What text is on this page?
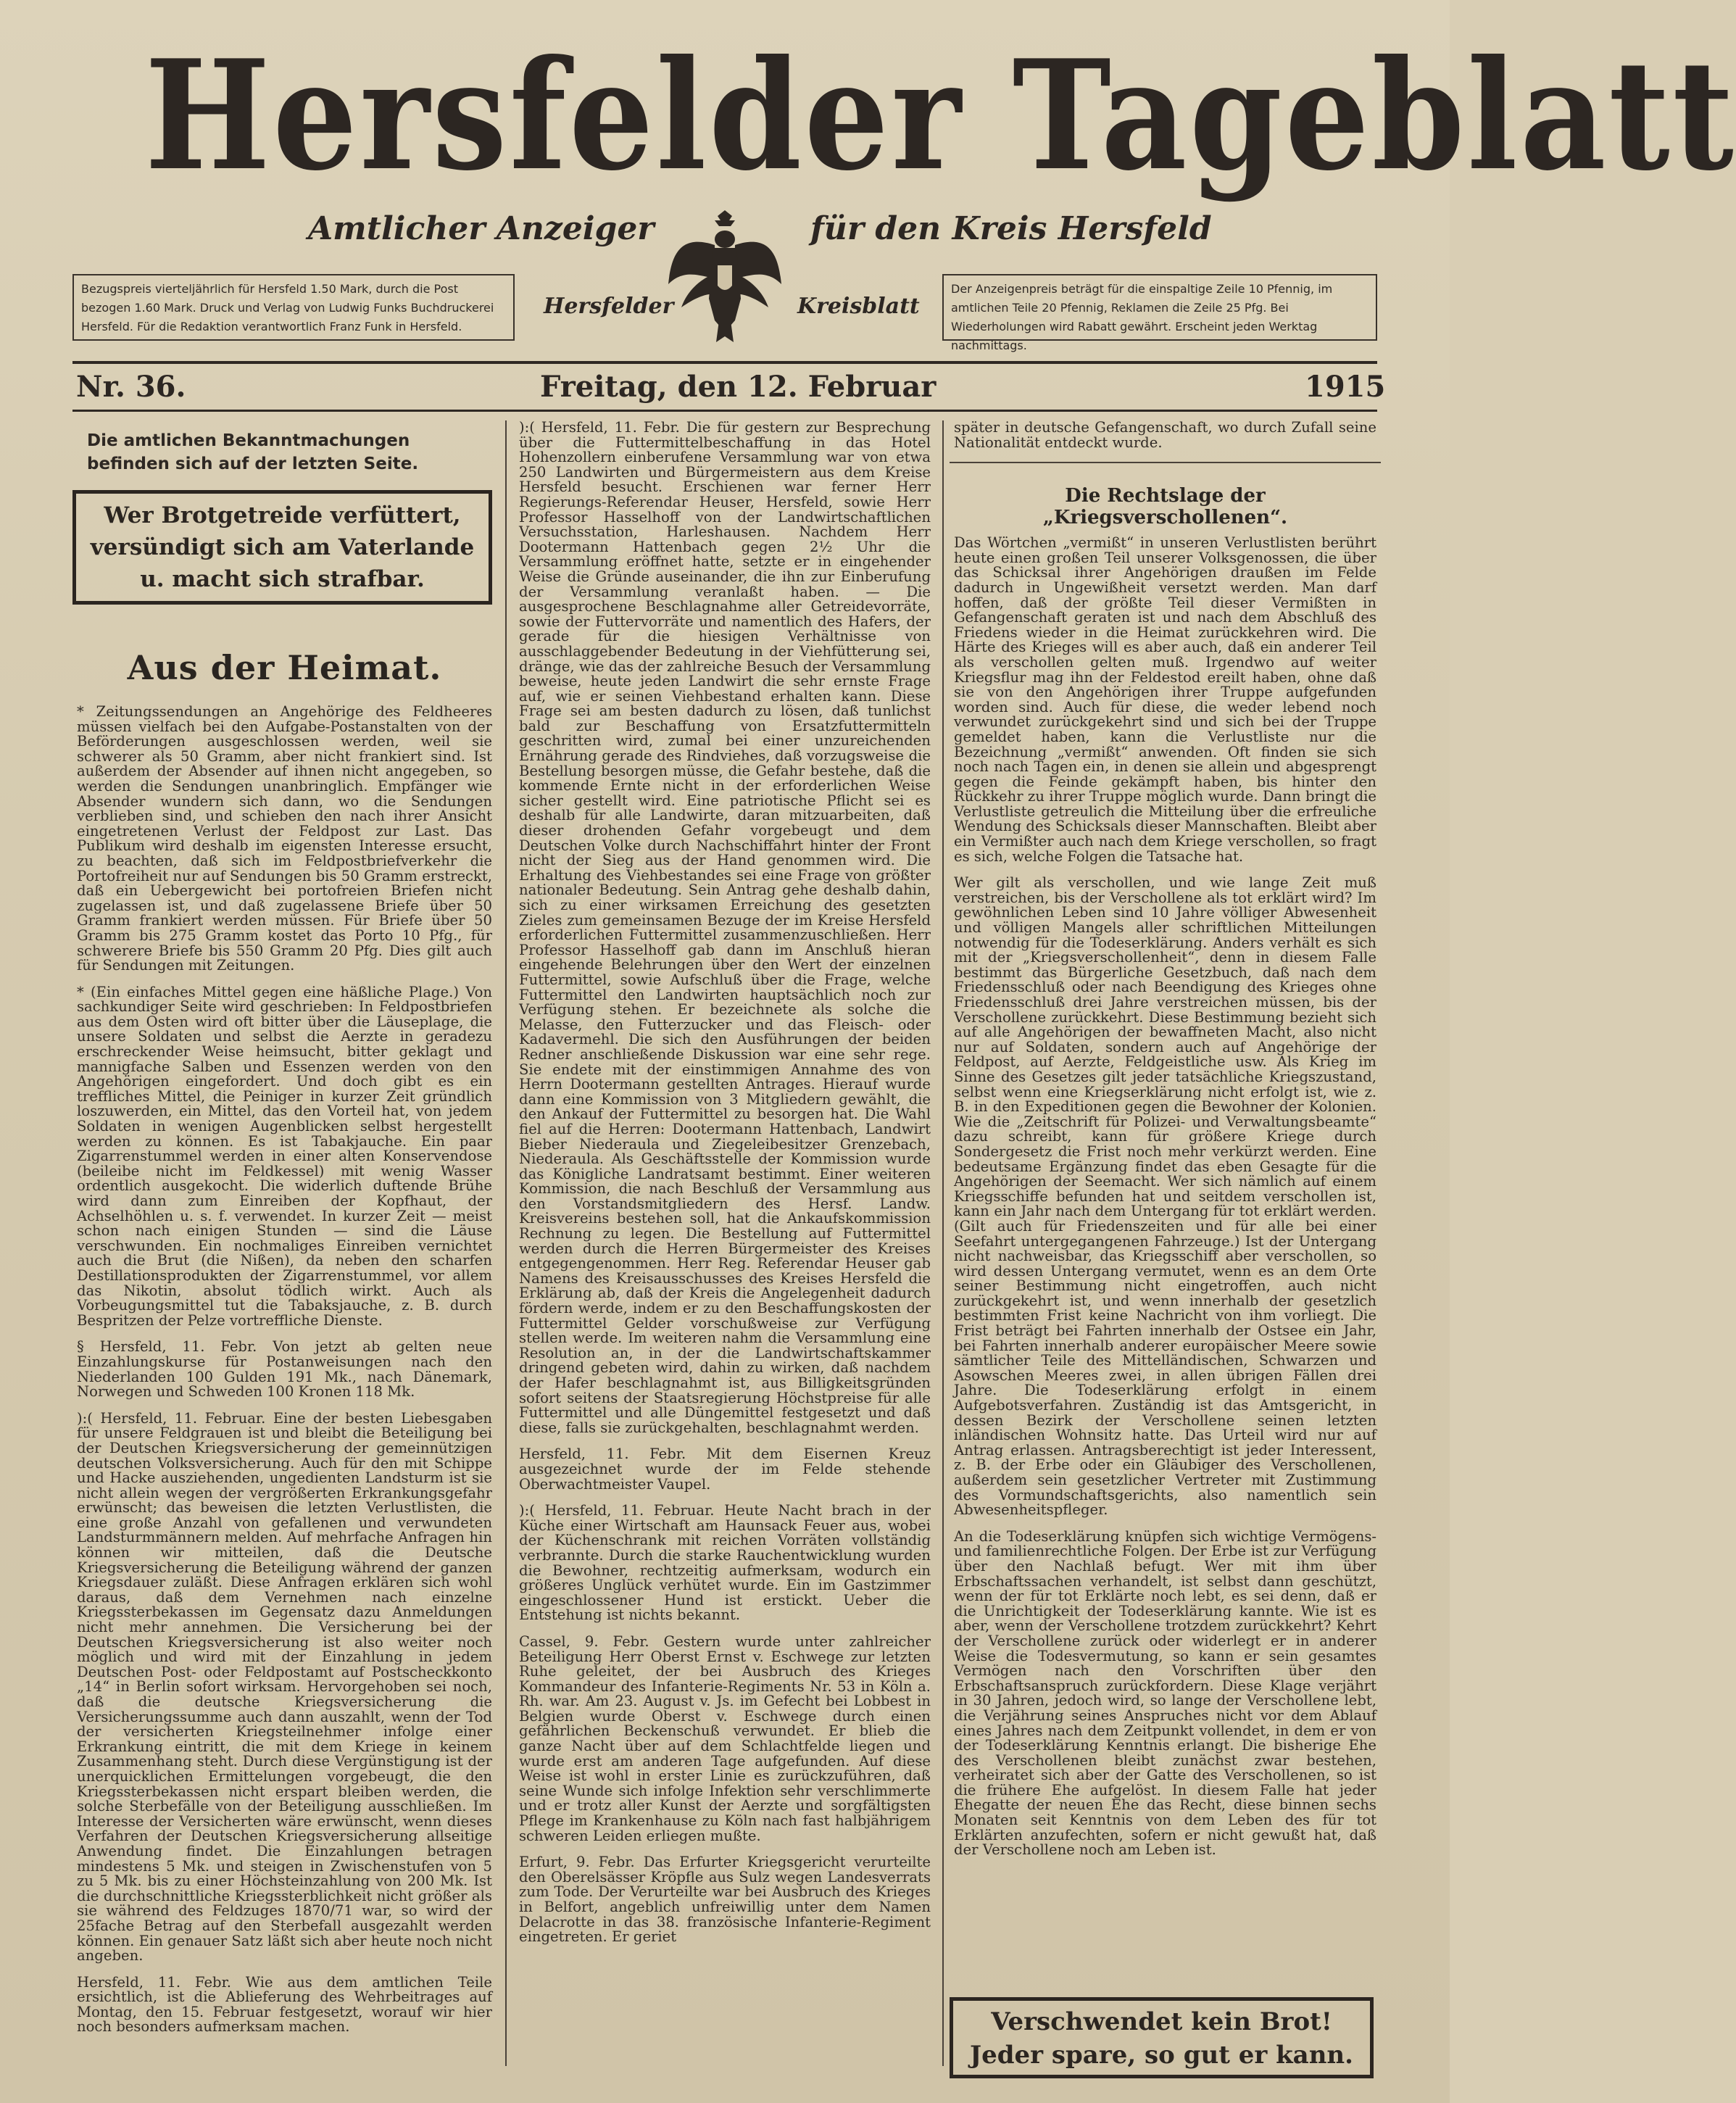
Hersfelder Tageblatt
Amtlicher Anzeiger	für den Kreis Hersfeld
Hersfelder	Kreisblatt
Bezugspreis vierteljährlich für Hersfeld 1.50 Mark, durch die Post bezogen 1.60 Mark. Druck und Verlag von Ludwig Funks Buchdruckerei Hersfeld. Für die Redaktion verantwortlich Franz Funk in Hersfeld.
Der Anzeigenpreis beträgt für die einspaltige Zeile 10 Pfennig, im amtlichen Teile 20 Pfennig, Reklamen die Zeile 25 Pfg. Bei Wiederholungen wird Rabatt gewährt. Erscheint jeden Werktag nachmittags.
Nr. 36.	Freitag, den 12. Februar	1915
Die amtlichen Bekanntmachungen befinden sich auf der letzten Seite.
Wer Brotgetreide verfüttert, versündigt sich am Vaterlande u. macht sich strafbar.
Aus der Heimat.

* Zeitungssendungen an Angehörige des Feldheeres müssen vielfach bei den Aufgabe-Postanstalten von der Beförderungen ausgeschlossen werden, weil sie schwerer als 50 Gramm, aber nicht frankiert sind. Ist außerdem der Absender auf ihnen nicht angegeben, so werden die Sendungen unanbringlich. Empfänger wie Absender wundern sich dann, wo die Sendungen verblieben sind, und schieben den nach ihrer Ansicht eingetretenen Verlust der Feldpost zur Last. Das Publikum wird deshalb im eigensten Interesse ersucht, zu beachten, daß sich im Feldpostbriefverkehr die Portofreiheit nur auf Sendungen bis 50 Gramm erstreckt, daß ein Uebergewicht bei portofreien Briefen nicht zugelassen ist, und daß zugelassene Briefe über 50 Gramm frankiert werden müssen. Für Briefe über 50 Gramm bis 275 Gramm kostet das Porto 10 Pfg., für schwerere Briefe bis 550 Gramm 20 Pfg. Dies gilt auch für Sendungen mit Zeitungen.

* (Ein einfaches Mittel gegen eine häßliche Plage.) Von sachkundiger Seite wird geschrieben: In Feldpostbriefen aus dem Osten wird oft bitter über die Läuseplage, die unsere Soldaten und selbst die Aerzte in geradezu erschreckender Weise heimsucht, bitter geklagt und mannigfache Salben und Essenzen werden von den Angehörigen eingefordert. Und doch gibt es ein treffliches Mittel, die Peiniger in kurzer Zeit gründlich loszuwerden, ein Mittel, das den Vorteil hat, von jedem Soldaten in wenigen Augenblicken selbst hergestellt werden zu können. Es ist Tabakjauche. Ein paar Zigarrenstummel werden in einer alten Konservendose (beileibe nicht im Feldkessel) mit wenig Wasser ordentlich ausgekocht. Die widerlich duftende Brühe wird dann zum Einreiben der Kopfhaut, der Achselhöhlen u. s. f. verwendet. In kurzer Zeit — meist schon nach einigen Stunden — sind die Läuse verschwunden. Ein nochmaliges Einreiben vernichtet auch die Brut (die Nißen), da neben den scharfen Destillationsprodukten der Zigarrenstummel, vor allem das Nikotin, absolut tödlich wirkt. Auch als Vorbeugungsmittel tut die Tabaksjauche, z. B. durch Bespritzen der Pelze vortreffliche Dienste.

§ Hersfeld, 11. Febr. Von jetzt ab gelten neue Einzahlungskurse für Postanweisungen nach den Niederlanden 100 Gulden 191 Mk., nach Dänemark, Norwegen und Schweden 100 Kronen 118 Mk.

):( Hersfeld, 11. Februar. Eine der besten Liebesgaben für unsere Feldgrauen ist und bleibt die Beteiligung bei der Deutschen Kriegsversicherung der gemeinnützigen deutschen Volksversicherung. Auch für den mit Schippe und Hacke ausziehenden, ungedienten Landsturm ist sie nicht allein wegen der vergrößerten Erkrankungsgefahr erwünscht; das beweisen die letzten Verlustlisten, die eine große Anzahl von gefallenen und verwundeten Landsturmmännern melden. Auf mehrfache Anfragen hin können wir mitteilen, daß die Deutsche Kriegsversicherung die Beteiligung während der ganzen Kriegsdauer zuläßt. Diese Anfragen erklären sich wohl daraus, daß dem Vernehmen nach einzelne Kriegssterbekassen im Gegensatz dazu Anmeldungen nicht mehr annehmen. Die Versicherung bei der Deutschen Kriegsversicherung ist also weiter noch möglich und wird mit der Einzahlung in jedem Deutschen Post- oder Feldpostamt auf Postscheckkonto „14“ in Berlin sofort wirksam. Hervorgehoben sei noch, daß die deutsche Kriegsversicherung die Versicherungssumme auch dann auszahlt, wenn der Tod der versicherten Kriegsteilnehmer infolge einer Erkrankung eintritt, die mit dem Kriege in keinem Zusammenhang steht. Durch diese Vergünstigung ist der unerquicklichen Ermittelungen vorgebeugt, die den Kriegssterbekassen nicht erspart bleiben werden, die solche Sterbefälle von der Beteiligung ausschließen. Im Interesse der Versicherten wäre erwünscht, wenn dieses Verfahren der Deutschen Kriegsversicherung allseitige Anwendung findet. Die Einzahlungen betragen mindestens 5 Mk. und steigen in Zwischenstufen von 5 zu 5 Mk. bis zu einer Höchsteinzahlung von 200 Mk. Ist die durchschnittliche Kriegssterblichkeit nicht größer als sie während des Feldzuges 1870/71 war, so wird der 25fache Betrag auf den Sterbefall ausgezahlt werden können. Ein genauer Satz läßt sich aber heute noch nicht angeben.

Hersfeld, 11. Febr. Wie aus dem amtlichen Teile ersichtlich, ist die Ablieferung des Wehrbeitrages auf Montag, den 15. Februar festgesetzt, worauf wir hier noch besonders aufmerksam machen.

):( Hersfeld, 11. Febr. Die für gestern zur Besprechung über die Futtermittelbeschaffung in das Hotel Hohenzollern einberufene Versammlung war von etwa 250 Landwirten und Bürgermeistern aus dem Kreise Hersfeld besucht. Erschienen war ferner Herr Regierungs-Referendar Heuser, Hersfeld, sowie Herr Professor Hasselhoff von der Landwirtschaftlichen Versuchsstation, Harleshausen. Nachdem Herr Dootermann Hattenbach gegen 2½ Uhr die Versammlung eröffnet hatte, setzte er in eingehender Weise die Gründe auseinander, die ihn zur Einberufung der Versammlung veranlaßt haben. — Die ausgesprochene Beschlagnahme aller Getreidevorräte, sowie der Futtervorräte und namentlich des Hafers, der gerade für die hiesigen Verhältnisse von ausschlaggebender Bedeutung in der Viehfütterung sei, dränge, wie das der zahlreiche Besuch der Versammlung beweise, heute jeden Landwirt die sehr ernste Frage auf, wie er seinen Viehbestand erhalten kann. Diese Frage sei am besten dadurch zu lösen, daß tunlichst bald zur Beschaffung von Ersatzfuttermitteln geschritten wird, zumal bei einer unzureichenden Ernährung gerade des Rindviehes, daß vorzugsweise die Bestellung besorgen müsse, die Gefahr bestehe, daß die kommende Ernte nicht in der erforderlichen Weise sicher gestellt wird. Eine patriotische Pflicht sei es deshalb für alle Landwirte, daran mitzuarbeiten, daß dieser drohenden Gefahr vorgebeugt und dem Deutschen Volke durch Nachschiffahrt hinter der Front nicht der Sieg aus der Hand genommen wird. Die Erhaltung des Viehbestandes sei eine Frage von größter nationaler Bedeutung. Sein Antrag gehe deshalb dahin, sich zu einer wirksamen Erreichung des gesetzten Zieles zum gemeinsamen Bezuge der im Kreise Hersfeld erforderlichen Futtermittel zusammenzuschließen. Herr Professor Hasselhoff gab dann im Anschluß hieran eingehende Belehrungen über den Wert der einzelnen Futtermittel, sowie Aufschluß über die Frage, welche Futtermittel den Landwirten hauptsächlich noch zur Verfügung stehen. Er bezeichnete als solche die Melasse, den Futterzucker und das Fleisch- oder Kadavermehl. Die sich den Ausführungen der beiden Redner anschließende Diskussion war eine sehr rege. Sie endete mit der einstimmigen Annahme des von Herrn Dootermann gestellten Antrages. Hierauf wurde dann eine Kommission von 3 Mitgliedern gewählt, die den Ankauf der Futtermittel zu besorgen hat. Die Wahl fiel auf die Herren: Dootermann Hattenbach, Landwirt Bieber Niederaula und Ziegeleibesitzer Grenzebach, Niederaula. Als Geschäftsstelle der Kommission wurde das Königliche Landratsamt bestimmt. Einer weiteren Kommission, die nach Beschluß der Versammlung aus den Vorstandsmitgliedern des Hersf. Landw. Kreisvereins bestehen soll, hat die Ankaufskommission Rechnung zu legen. Die Bestellung auf Futtermittel werden durch die Herren Bürgermeister des Kreises entgegengenommen. Herr Reg. Referendar Heuser gab Namens des Kreisausschusses des Kreises Hersfeld die Erklärung ab, daß der Kreis die Angelegenheit dadurch fördern werde, indem er zu den Beschaffungskosten der Futtermittel Gelder vorschußweise zur Verfügung stellen werde. Im weiteren nahm die Versammlung eine Resolution an, in der die Landwirtschaftskammer dringend gebeten wird, dahin zu wirken, daß nachdem der Hafer beschlagnahmt ist, aus Billigkeitsgründen sofort seitens der Staatsregierung Höchstpreise für alle Futtermittel und alle Düngemittel festgesetzt und daß diese, falls sie zurückgehalten, beschlagnahmt werden.

Hersfeld, 11. Febr. Mit dem Eisernen Kreuz ausgezeichnet wurde der im Felde stehende Oberwachtmeister Vaupel.

):( Hersfeld, 11. Februar. Heute Nacht brach in der Küche einer Wirtschaft am Haunsack Feuer aus, wobei der Küchenschrank mit reichen Vorräten vollständig verbrannte. Durch die starke Rauchentwicklung wurden die Bewohner, rechtzeitig aufmerksam, wodurch ein größeres Unglück verhütet wurde. Ein im Gastzimmer eingeschlossener Hund ist erstickt. Ueber die Entstehung ist nichts bekannt.

Cassel, 9. Febr. Gestern wurde unter zahlreicher Beteiligung Herr Oberst Ernst v. Eschwege zur letzten Ruhe geleitet, der bei Ausbruch des Krieges Kommandeur des Infanterie-Regiments Nr. 53 in Köln a. Rh. war. Am 23. August v. Js. im Gefecht bei Lobbest in Belgien wurde Oberst v. Eschwege durch einen gefährlichen Beckenschuß verwundet. Er blieb die ganze Nacht über auf dem Schlachtfelde liegen und wurde erst am anderen Tage aufgefunden. Auf diese Weise ist wohl in erster Linie es zurückzuführen, daß seine Wunde sich infolge Infektion sehr verschlimmerte und er trotz aller Kunst der Aerzte und sorgfältigsten Pflege im Krankenhause zu Köln nach fast halbjährigem schweren Leiden erliegen mußte.

Erfurt, 9. Febr. Das Erfurter Kriegsgericht verurteilte den Oberelsässer Kröpfle aus Sulz wegen Landesverrats zum Tode. Der Verurteilte war bei Ausbruch des Krieges in Belfort, angeblich unfreiwillig unter dem Namen Delacrotte in das 38. französische Infanterie-Regiment eingetreten. Er geriet

später in deutsche Gefangenschaft, wo durch Zufall seine Nationalität entdeckt wurde.

Die Rechtslage der „Kriegsverschollenen“.

Das Wörtchen „vermißt“ in unseren Verlustlisten berührt heute einen großen Teil unserer Volksgenossen, die über das Schicksal ihrer Angehörigen draußen im Felde dadurch in Ungewißheit versetzt werden. Man darf hoffen, daß der größte Teil dieser Vermißten in Gefangenschaft geraten ist und nach dem Abschluß des Friedens wieder in die Heimat zurückkehren wird. Die Härte des Krieges will es aber auch, daß ein anderer Teil als verschollen gelten muß. Irgendwo auf weiter Kriegsflur mag ihn der Feldestod ereilt haben, ohne daß sie von den Angehörigen ihrer Truppe aufgefunden worden sind. Auch für diese, die weder lebend noch verwundet zurückgekehrt sind und sich bei der Truppe gemeldet haben, kann die Verlustliste nur die Bezeichnung „vermißt“ anwenden. Oft finden sie sich noch nach Tagen ein, in denen sie allein und abgesprengt gegen die Feinde gekämpft haben, bis hinter den Rückkehr zu ihrer Truppe möglich wurde. Dann bringt die Verlustliste getreulich die Mitteilung über die erfreuliche Wendung des Schicksals dieser Mannschaften. Bleibt aber ein Vermißter auch nach dem Kriege verschollen, so fragt es sich, welche Folgen die Tatsache hat.

Wer gilt als verschollen, und wie lange Zeit muß verstreichen, bis der Verschollene als tot erklärt wird? Im gewöhnlichen Leben sind 10 Jahre völliger Abwesenheit und völligen Mangels aller schriftlichen Mitteilungen notwendig für die Todeserklärung. Anders verhält es sich mit der „Kriegsverschollenheit“, denn in diesem Falle bestimmt das Bürgerliche Gesetzbuch, daß nach dem Friedensschluß oder nach Beendigung des Krieges ohne Friedensschluß drei Jahre verstreichen müssen, bis der Verschollene zurückkehrt. Diese Bestimmung bezieht sich auf alle Angehörigen der bewaffneten Macht, also nicht nur auf Soldaten, sondern auch auf Angehörige der Feldpost, auf Aerzte, Feldgeistliche usw. Als Krieg im Sinne des Gesetzes gilt jeder tatsächliche Kriegszustand, selbst wenn eine Kriegserklärung nicht erfolgt ist, wie z. B. in den Expeditionen gegen die Bewohner der Kolonien. Wie die „Zeitschrift für Polizei- und Verwaltungsbeamte“ dazu schreibt, kann für größere Kriege durch Sondergesetz die Frist noch mehr verkürzt werden. Eine bedeutsame Ergänzung findet das eben Gesagte für die Angehörigen der Seemacht. Wer sich nämlich auf einem Kriegsschiffe befunden hat und seitdem verschollen ist, kann ein Jahr nach dem Untergang für tot erklärt werden. (Gilt auch für Friedenszeiten und für alle bei einer Seefahrt untergegangenen Fahrzeuge.) Ist der Untergang nicht nachweisbar, das Kriegsschiff aber verschollen, so wird dessen Untergang vermutet, wenn es an dem Orte seiner Bestimmung nicht eingetroffen, auch nicht zurückgekehrt ist, und wenn innerhalb der gesetzlich bestimmten Frist keine Nachricht von ihm vorliegt. Die Frist beträgt bei Fahrten innerhalb der Ostsee ein Jahr, bei Fahrten innerhalb anderer europäischer Meere sowie sämtlicher Teile des Mittelländischen, Schwarzen und Asowschen Meeres zwei, in allen übrigen Fällen drei Jahre. Die Todeserklärung erfolgt in einem Aufgebotsverfahren. Zuständig ist das Amtsgericht, in dessen Bezirk der Verschollene seinen letzten inländischen Wohnsitz hatte. Das Urteil wird nur auf Antrag erlassen. Antragsberechtigt ist jeder Interessent, z. B. der Erbe oder ein Gläubiger des Verschollenen, außerdem sein gesetzlicher Vertreter mit Zustimmung des Vormundschaftsgerichts, also namentlich sein Abwesenheitspfleger.

An die Todeserklärung knüpfen sich wichtige Vermögens- und familienrechtliche Folgen. Der Erbe ist zur Verfügung über den Nachlaß befugt. Wer mit ihm über Erbschaftssachen verhandelt, ist selbst dann geschützt, wenn der für tot Erklärte noch lebt, es sei denn, daß er die Unrichtigkeit der Todeserklärung kannte. Wie ist es aber, wenn der Verschollene trotzdem zurückkehrt? Kehrt der Verschollene zurück oder widerlegt er in anderer Weise die Todesvermutung, so kann er sein gesamtes Vermögen nach den Vorschriften über den Erbschaftsanspruch zurückfordern. Diese Klage verjährt in 30 Jahren, jedoch wird, so lange der Verschollene lebt, die Verjährung seines Anspruches nicht vor dem Ablauf eines Jahres nach dem Zeitpunkt vollendet, in dem er von der Todeserklärung Kenntnis erlangt. Die bisherige Ehe des Verschollenen bleibt zunächst zwar bestehen, verheiratet sich aber der Gatte des Verschollenen, so ist die frühere Ehe aufgelöst. In diesem Falle hat jeder Ehegatte der neuen Ehe das Recht, diese binnen sechs Monaten seit Kenntnis von dem Leben des für tot Erklärten anzufechten, sofern er nicht gewußt hat, daß der Verschollene noch am Leben ist.

Verschwendet kein Brot!
Jeder spare, so gut er kann.
